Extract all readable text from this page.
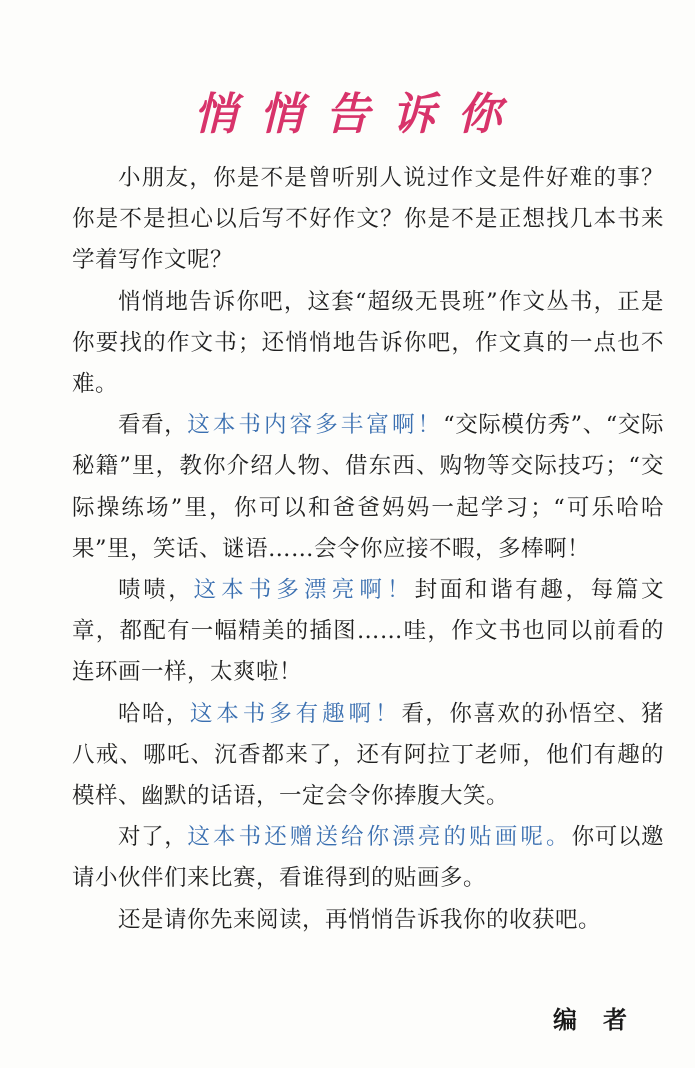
悄悄告诉你

小朋友，你是不是曾听别人说过作文是件好难的事？你是不是担心以后写不好作文？你是不是正想找几本书来学着写作文呢？

悄悄地告诉你吧，这套“超级无畏班”作文丛书，正是你要找的作文书；还悄悄地告诉你吧，作文真的一点也不难。

看看，这本书内容多丰富啊！“交际模仿秀”、“交际秘籍”里，教你介绍人物、借东西、购物等交际技巧；“交际操练场”里，你可以和爸爸妈妈一起学习；“可乐哈哈果”里，笑话、谜语……会令你应接不暇，多棒啊！

啧啧，这本书多漂亮啊！封面和谐有趣，每篇文章，都配有一幅精美的插图……哇，作文书也同以前看的连环画一样，太爽啦！

哈哈，这本书多有趣啊！看，你喜欢的孙悟空、猪八戒、哪吒、沉香都来了，还有阿拉丁老师，他们有趣的模样、幽默的话语，一定会令你捧腹大笑。

对了，这本书还赠送给你漂亮的贴画呢。你可以邀请小伙伴们来比赛，看谁得到的贴画多。

还是请你先来阅读，再悄悄告诉我你的收获吧。

编者
